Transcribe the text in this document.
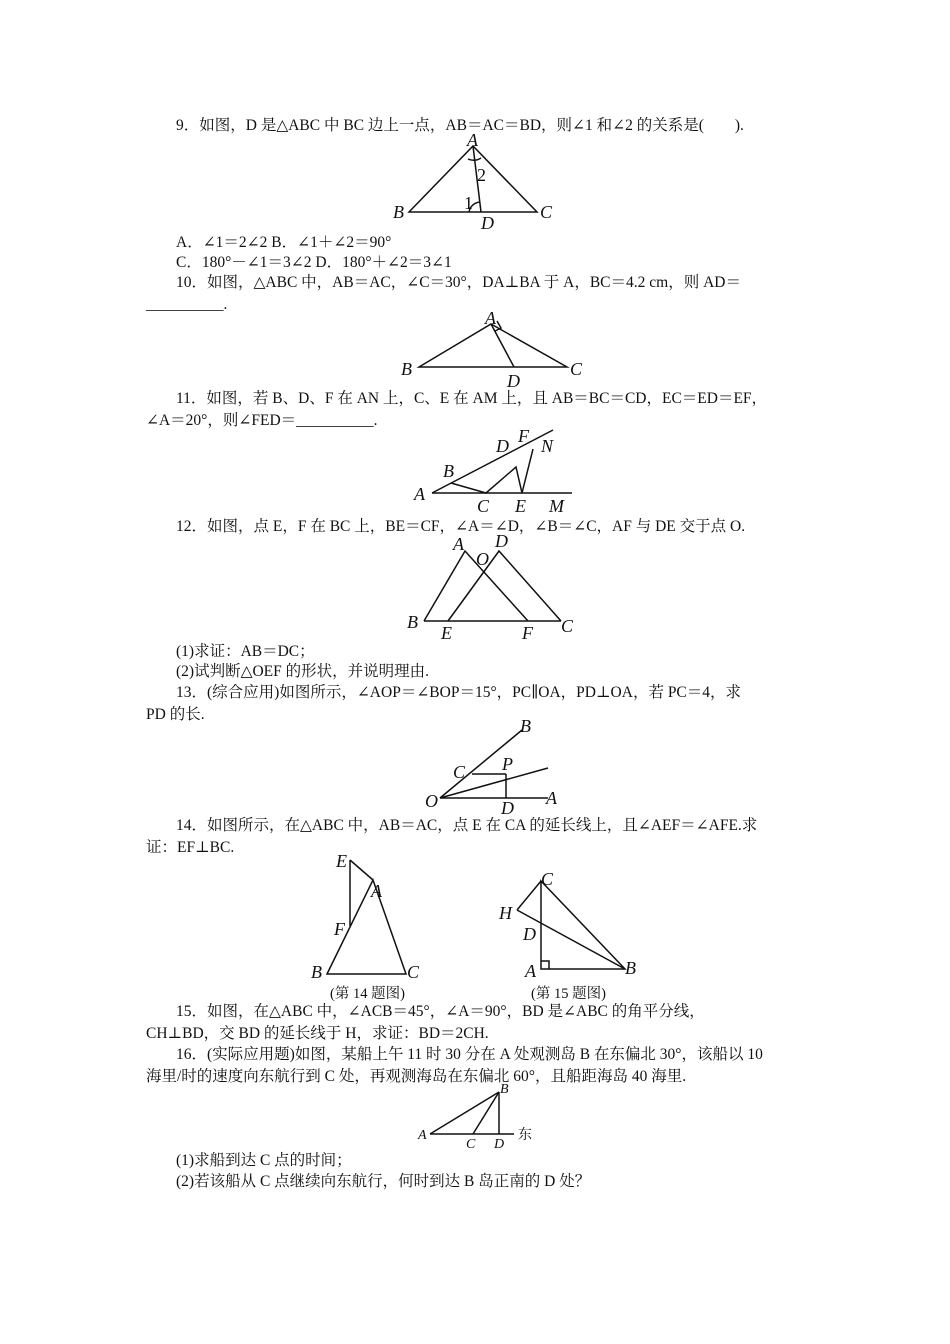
9．如图，D 是△ABC 中 BC 边上一点，AB＝AC＝BD，则∠1 和∠2 的关系是(　　).
A
B	C
D
1
2
A．∠1＝2∠2 B．∠1＋∠2＝90°
C．180°－∠1＝3∠2 D．180°＋∠2＝3∠1
10．如图，△ABC 中，AB＝AC，∠C＝30°，DA⊥BA 于 A，BC＝4.2 cm，则 AD＝
__________.
A
B	C
D
11．如图，若 B、D、F 在 AN 上，C、E 在 AM 上，且 AB＝BC＝CD，EC＝ED＝EF，
∠A＝20°，则∠FED＝__________.
A
B
C
D
E
F
M
N
12．如图，点 E，F 在 BC 上，BE＝CF，∠A＝∠D，∠B＝∠C，AF 与 DE 交于点 O.
A D
O
B
E	F C
(1)求证：AB＝DC；
(2)试判断△OEF 的形状，并说明理由.
13．(综合应用)如图所示，∠AOP＝∠BOP＝15°，PC∥OA，PD⊥OA，若 PC＝4，求
PD 的长.
B
C P
O	D A
14．如图所示，在△ABC 中，AB＝AC，点 E 在 CA 的延长线上，且∠AEF＝∠AFE.求
证：EF⊥BC.
E
A
F
B	C
(第 14 题图)
C
H
D
A	B
(第 15 题图)
15．如图，在△ABC 中，∠ACB＝45°，∠A＝90°，BD 是∠ABC 的角平分线，
CH⊥BD，交 BD 的延长线于 H，求证：BD＝2CH.
16．(实际应用题)如图，某船上午 11 时 30 分在 A 处观测岛 B 在东偏北 30°，该船以 10
海里/时的速度向东航行到 C 处，再观测海岛在东偏北 60°，且船距海岛 40 海里.
A
B
C D
东
(1)求船到达 C 点的时间；
(2)若该船从 C 点继续向东航行，何时到达 B 岛正南的 D 处？
